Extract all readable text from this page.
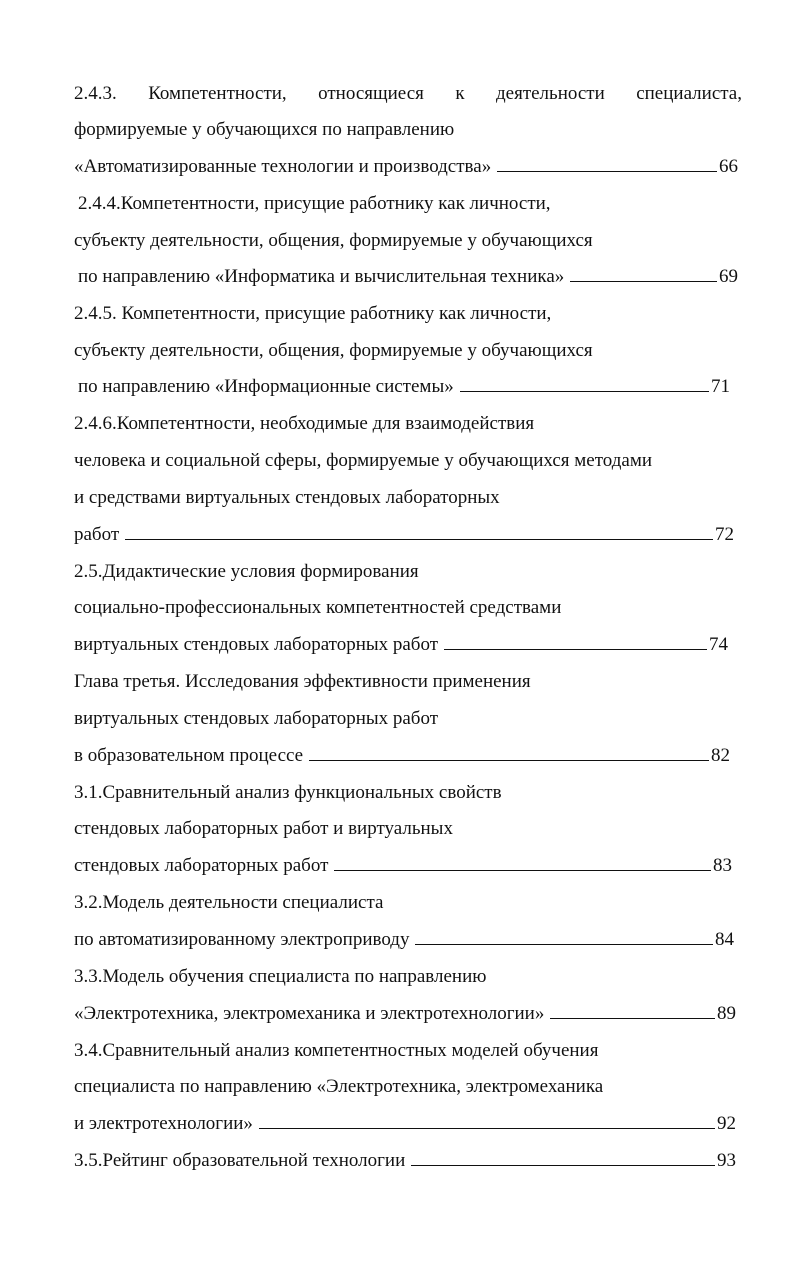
2.4.3. Компетентности, относящиеся к деятельности специалиста,
формируемые у обучающихся по направлению
«Автоматизированные технологии и производства»	66
2.4.4.Компетентности, присущие работнику как личности,
субъекту деятельности, общения, формируемые у обучающихся
по направлению «Информатика и вычислительная техника»	69
2.4.5. Компетентности, присущие работнику как личности,
субъекту деятельности, общения, формируемые у обучающихся
по направлению «Информационные системы»	71
2.4.6.Компетентности, необходимые для взаимодействия
человека и социальной сферы, формируемые у обучающихся методами
и средствами виртуальных стендовых лабораторных
работ	72
2.5.Дидактические условия формирования
социально-профессиональных компетентностей средствами
виртуальных стендовых лабораторных работ	74
Глава третья. Исследования эффективности применения
виртуальных стендовых лабораторных работ
в образовательном процессе	82
3.1.Сравнительный анализ функциональных свойств
стендовых лабораторных работ и виртуальных
стендовых лабораторных работ	83
3.2.Модель деятельности специалиста
по автоматизированному электроприводу	84
3.3.Модель обучения специалиста по направлению
«Электротехника, электромеханика и электротехнологии»	89
3.4.Сравнительный анализ компетентностных моделей обучения
специалиста по направлению «Электротехника, электромеханика
и электротехнологии»	92
3.5.Рейтинг образовательной технологии	93
